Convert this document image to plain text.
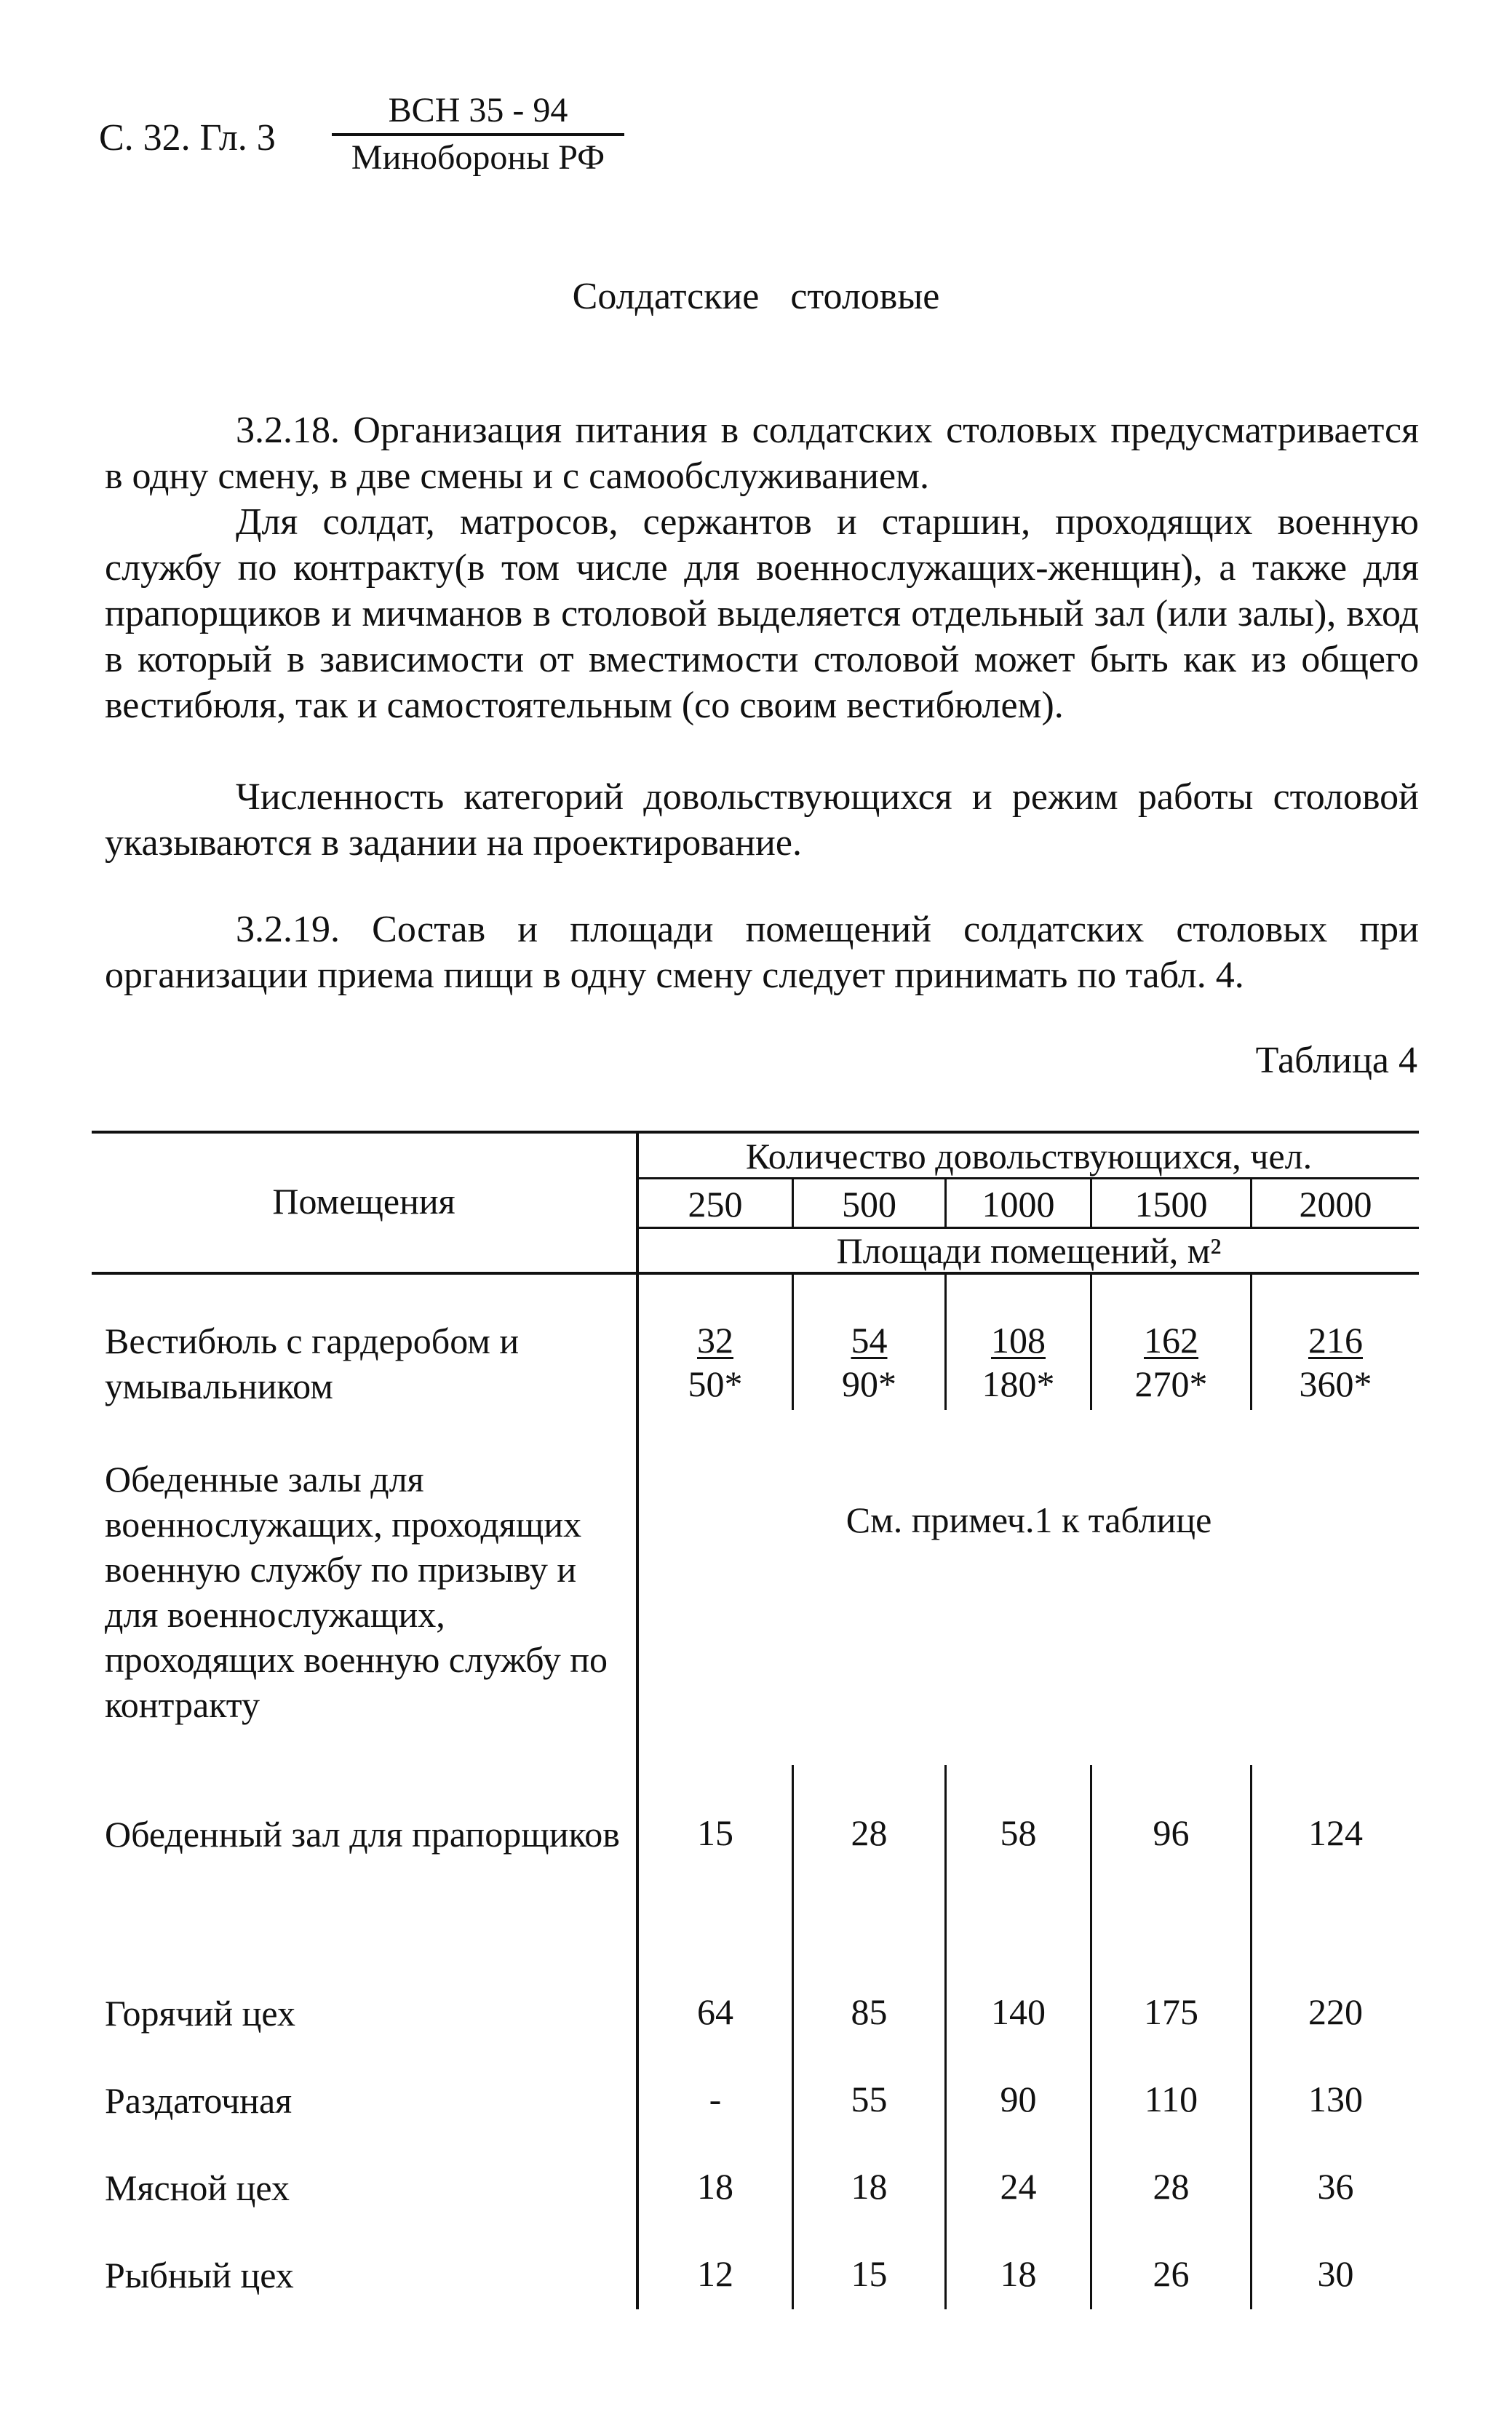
С. 32. Гл. 3
ВСН 35 - 94
Минобороны РФ
Солдатские столовые

3.2.18. Организация питания в солдатских столовых предусматривается в одну смену, в две смены и с самообслуживанием.

Для солдат, матросов, сержантов и старшин, проходящих военную службу по контракту(в том числе для военнослужащих-женщин), а также для прапорщиков и мичманов в столовой выделяется отдельный зал (или залы), вход в который в зависимости от вместимости столовой может быть как из общего вестибюля, так и самостоятельным (со своим вестибюлем).

Численность категорий довольствующихся и режим работы столовой указываются в задании на проектирование.

3.2.19. Состав и площади помещений солдатских столовых при организации приема пищи в одну смену следует принимать по табл. 4.

Таблица 4
Помещения
Количество довольствующихся, чел.
250	500	1000	1500	2000
Площади помещений, м²
Вестибюль с гардеробом и умывальником	$\frac{32}{50*} \frac{54}{90*} \frac{108}{180*} \frac{162}{270*} \frac{216}{360*}$
Обеденные залы для военнослужащих, проходящих военную службу по призыву и для военнослужащих, проходящих военную службу по контракту
См. примеч.1 к таблице
Обеденный зал для прапорщиков	15	28	58	96	124
Горячий цех	64	85	140	175	220
Раздаточная	-	55	90	110	130
Мясной цех	18	18	24	28	36
Рыбный цех	12	15	18	26	30
